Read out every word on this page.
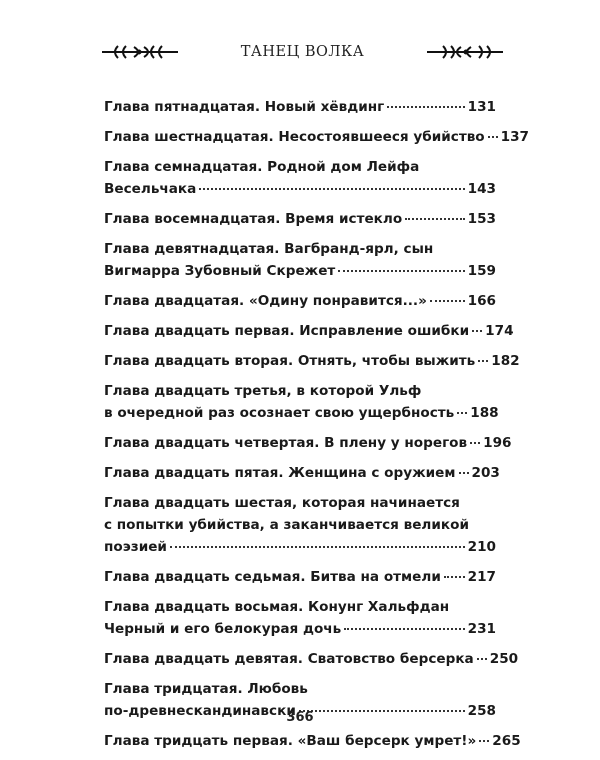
ТАНЕЦ ВОЛКА
Глава пятнадцатая. Новый хёвдинг	131
Глава шестнадцатая. Несостоявшееся убийство 137
Глава семнадцатая. Родной дом Лейфа
Весельчака	143
Глава восемнадцатая. Время истекло	153
Глава девятнадцатая. Вагбранд-ярл, сын
Вигмарра Зубовный Скрежет	159
Глава двадцатая. «Одину понравится...»	166
Глава двадцать первая. Исправление ошибки 174
Глава двадцать вторая. Отнять, чтобы выжить 182
Глава двадцать третья, в которой Ульф
в очередной раз осознает свою ущербность 188
Глава двадцать четвертая. В плену у норегов 196
Глава двадцать пятая. Женщина с оружием 203
Глава двадцать шестая, которая начинается
с попытки убийства, а заканчивается великой
поэзией	210
Глава двадцать седьмая. Битва на отмели 217
Глава двадцать восьмая. Конунг Хальфдан
Черный и его белокурая дочь	231
Глава двадцать девятая. Сватовство берсерка 250
Глава тридцатая. Любовь
по-древнескандинавски	258
Глава тридцать первая. «Ваш берсерк умрет!» 265
366
